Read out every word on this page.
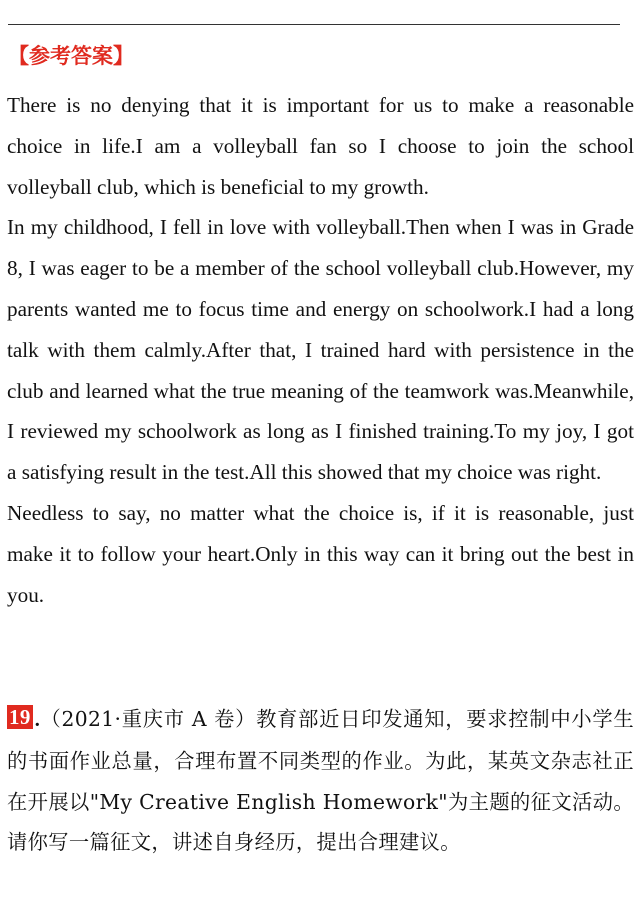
【参考答案】

There is no denying that it is important for us to make a reasonable choice in life.I am a volleyball fan so I choose to join the school volleyball club, which is beneficial to my growth.

In my childhood, I fell in love with volleyball.Then when I was in Grade 8, I was eager to be a member of the school volleyball club.However, my parents wanted me to focus time and energy on schoolwork.I had a long talk with them calmly.After that, I trained hard with persistence in the club and learned what the true meaning of the teamwork was.Meanwhile, I reviewed my schoolwork as long as I finished training.To my joy, I got a satisfying result in the test.All this showed that my choice was right.

Needless to say, no matter what the choice is, if it is reasonable, just make it to follow your heart.Only in this way can it bring out the best in you.

19 .（2021·重庆市 A 卷）教育部近日印发通知，要求控制中小学生的书面作业总量，合理布置不同类型的作业。为此，某英文杂志社正在开展以"My Creative English Homework"为主题的征文活动。请你写一篇征文，讲述自身经历，提出合理建议。
